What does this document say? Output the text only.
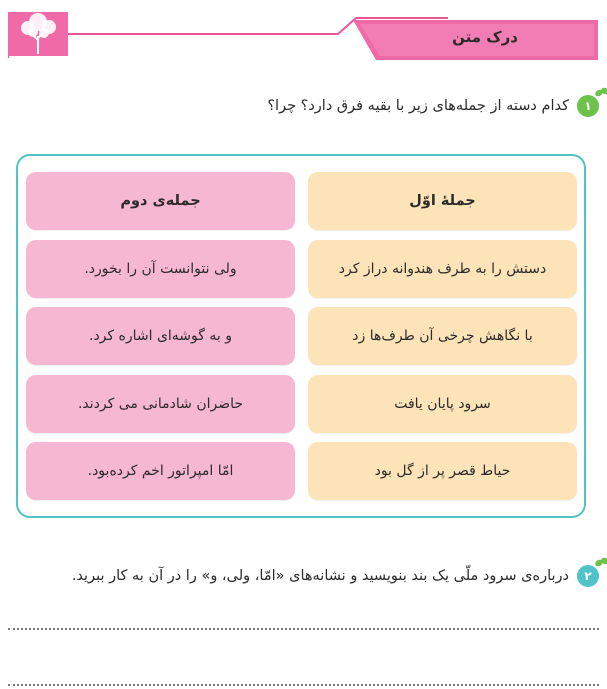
درک متن
۱
کدام دسته از جمله‌های زیر با بقیه فرق دارد؟ چرا؟
جملهٔ اوّل
جمله‌ی دوم
دستش را به طرف هندوانه دراز کرد
ولی نتوانست آن را بخورد.
با نگاهش چرخی آن طرف‌ها زد
و به گوشه‌ای اشاره کرد.
سرود پایان یافت
حاضران شادمانی می کردند.
حیاط قصر پر از گل بود
امّا امپراتور اخم کرده‌بود.
۲
درباره‌ی سرود ملّی یک بند بنویسید و نشانه‌های «امّا، ولی، و» را در آن به کار ببرید.
